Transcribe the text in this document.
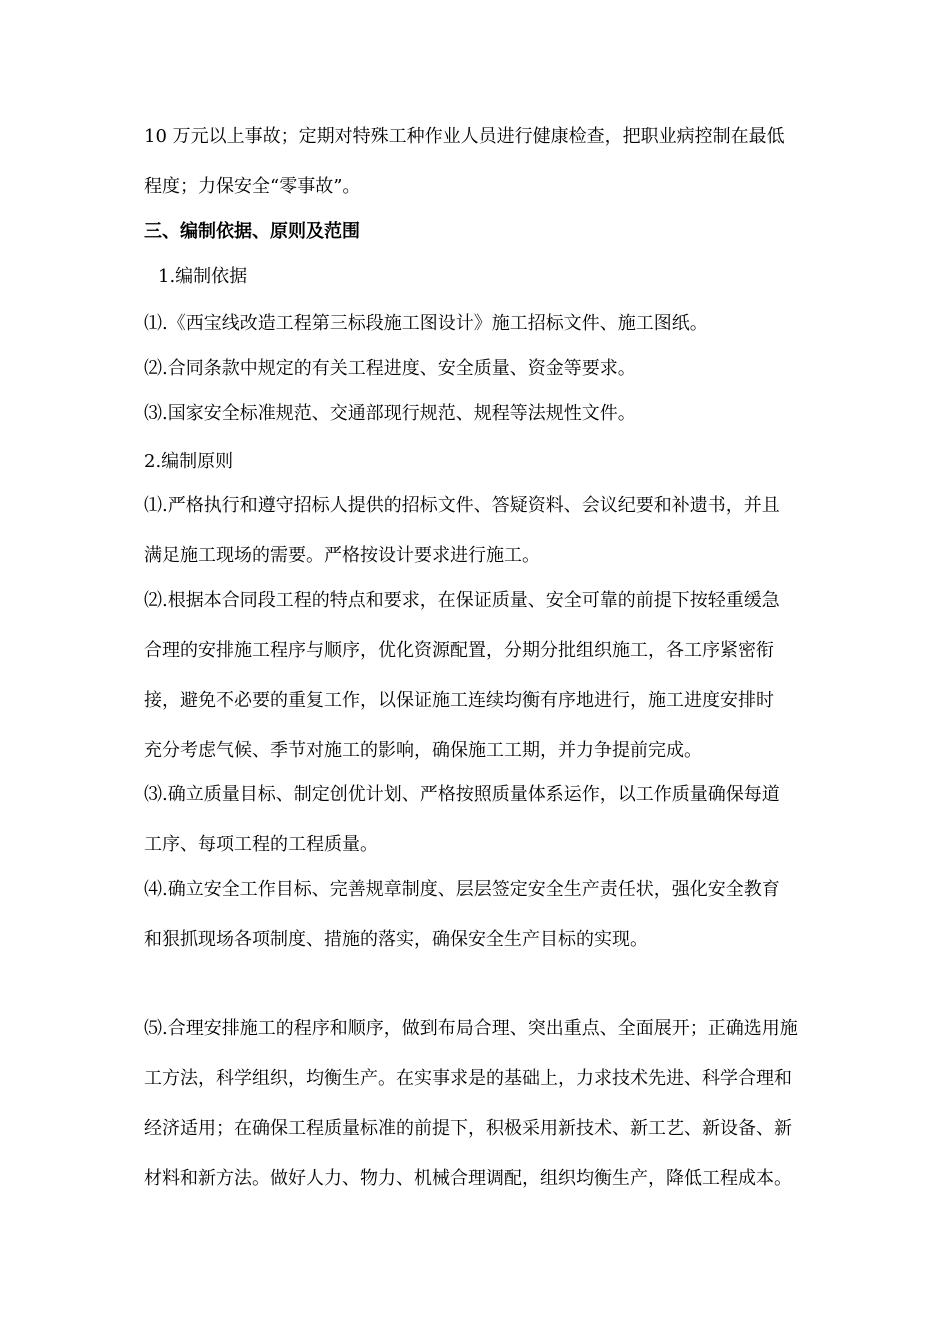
10 万元以上事故；定期对特殊工种作业人员进行健康检查，把职业病控制在最低
程度；力保安全“零事故”。
三、编制依据、原则及范围
1.编制依据
⑴.《西宝线改造工程第三标段施工图设计》施工招标文件、施工图纸。
⑵.合同条款中规定的有关工程进度、安全质量、资金等要求。
⑶.国家安全标准规范、交通部现行规范、规程等法规性文件。
2.编制原则
⑴.严格执行和遵守招标人提供的招标文件、答疑资料、会议纪要和补遗书，并且
满足施工现场的需要。严格按设计要求进行施工。
⑵.根据本合同段工程的特点和要求，在保证质量、安全可靠的前提下按轻重缓急
合理的安排施工程序与顺序，优化资源配置，分期分批组织施工，各工序紧密衔
接，避免不必要的重复工作，以保证施工连续均衡有序地进行，施工进度安排时
充分考虑气候、季节对施工的影响，确保施工工期，并力争提前完成。
⑶.确立质量目标、制定创优计划、严格按照质量体系运作，以工作质量确保每道
工序、每项工程的工程质量。
⑷.确立安全工作目标、完善规章制度、层层签定安全生产责任状，强化安全教育
和狠抓现场各项制度、措施的落实，确保安全生产目标的实现。
⑸.合理安排施工的程序和顺序，做到布局合理、突出重点、全面展开；正确选用施
工方法，科学组织，均衡生产。在实事求是的基础上，力求技术先进、科学合理和
经济适用；在确保工程质量标准的前提下，积极采用新技术、新工艺、新设备、新
材料和新方法。做好人力、物力、机械合理调配，组织均衡生产，降低工程成本。
